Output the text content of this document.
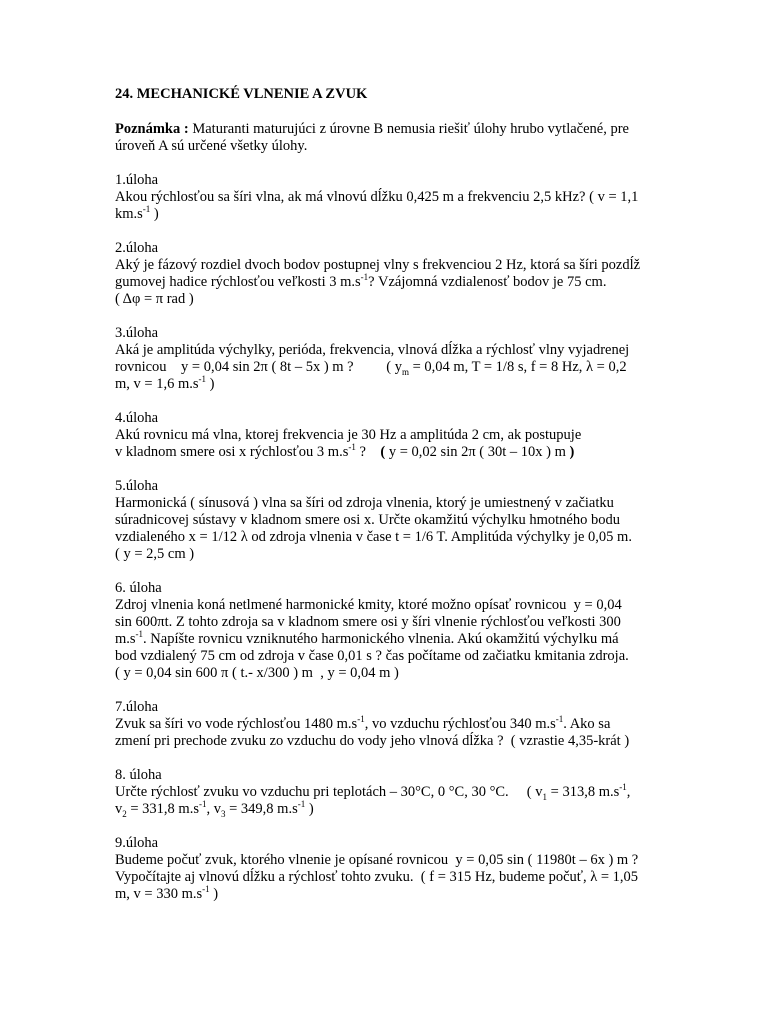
24. MECHANICKÉ VLNENIE A ZVUK
Poznámka : Maturanti maturujúci z úrovne B nemusia riešiť úlohy hrubo vytlačené, pre
úroveň A sú určené všetky úlohy.
1.úloha
Akou rýchlosťou sa šíri vlna, ak má vlnovú dĺžku 0,425 m a frekvenciu 2,5 kHz? ( v = 1,1
$km.s^{-1}$ )
2.úloha
Aký je fázový rozdiel dvoch bodov postupnej vlny s frekvenciou 2 Hz, ktorá sa šíri pozdĺž
gumovej hadice rýchlosťou veľkosti 3 $m.s^{-1}$? Vzájomná vzdialenosť bodov je 75 cm.
( Δφ = π rad )
3.úloha
Aká je amplitúda výchylky, perióda, frekvencia, vlnová dĺžka a rýchlosť vlny vyjadrenej
rovnicou    y = 0,04 sin 2π ( 8t – 5x ) m ?         ( $y_m = 0,04$ m, T = 1/8 s, f = 8 Hz, λ = 0,2
m, v = 1,6 $m.s^{-1}$ )
4.úloha
Akú rovnicu má vlna, ktorej frekvencia je 30 Hz a amplitúda 2 cm, ak postupuje
v kladnom smere osi x rýchlosťou 3 $m.s^{-1}$ ?    ( y = 0,02 sin 2π ( 30t – 10x ) m )
5.úloha
Harmonická ( sínusová ) vlna sa šíri od zdroja vlnenia, ktorý je umiestnený v začiatku
súradnicovej sústavy v kladnom smere osi x. Určte okamžitú výchylku hmotného bodu
vzdialeného x = 1/12 λ od zdroja vlnenia v čase t = 1/6 T. Amplitúda výchylky je 0,05 m.
( y = 2,5 cm )
6. úloha
Zdroj vlnenia koná netlmené harmonické kmity, ktoré možno opísať rovnicou  y = 0,04
sin 600πt. Z tohto zdroja sa v kladnom smere osi y šíri vlnenie rýchlosťou veľkosti 300
$m.s^{-1}$. Napíšte rovnicu vzniknutého harmonického vlnenia. Akú okamžitú výchylku má
bod vzdialený 75 cm od zdroja v čase 0,01 s ? čas počítame od začiatku kmitania zdroja.
( y = 0,04 sin 600 π ( t.- x/300 ) m  , y = 0,04 m )
7.úloha
Zvuk sa šíri vo vode rýchlosťou 1480 $m.s^{-1}$, vo vzduchu rýchlosťou 340 $m.s^{-1}$. Ako sa
zmení pri prechode zvuku zo vzduchu do vody jeho vlnová dĺžka ?  ( vzrastie 4,35-krát )
8. úloha
Určte rýchlosť zvuku vo vzduchu pri teplotách – 30°C, 0 °C, 30 °C.     ( $v_1 = 313,8$ $m.s^{-1}$,
$v_2 = 331,8$ $m.s^{-1}$, $v_3 = 349,8$ $m.s^{-1}$ )
9.úloha
Budeme počuť zvuk, ktorého vlnenie je opísané rovnicou  y = 0,05 sin ( 11980t – 6x ) m ?
Vypočítajte aj vlnovú dĺžku a rýchlosť tohto zvuku.  ( f = 315 Hz, budeme počuť, λ = 1,05
m, v = 330 $m.s^{-1}$ )
